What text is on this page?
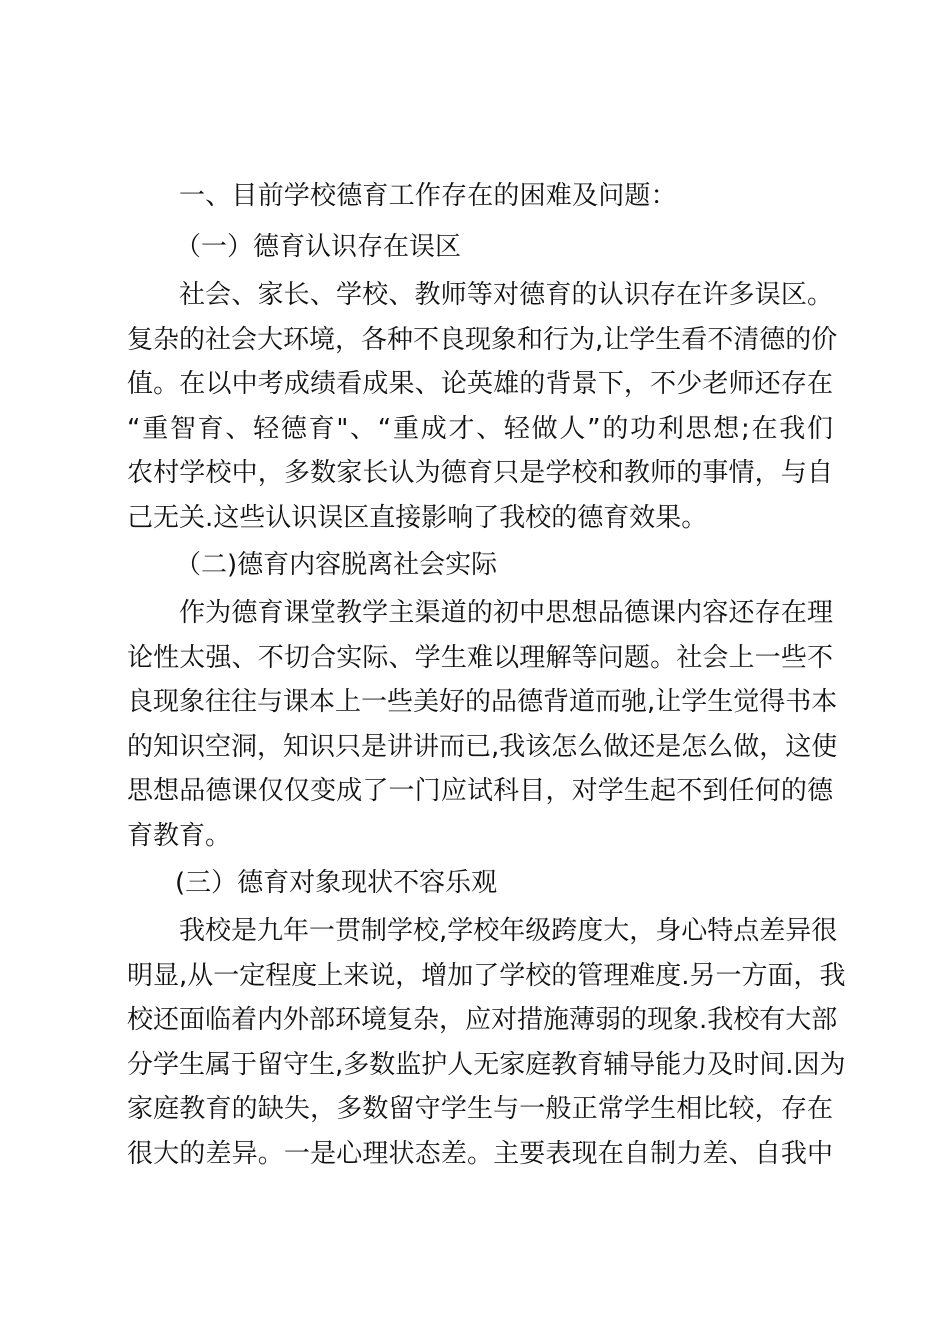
一、目前学校德育工作存在的困难及问题：
（一）德育认识存在误区
社会、家长、学校、教师等对德育的认识存在许多误区。
复杂的社会大环境，各种不良现象和行为,让学生看不清德的价
值。在以中考成绩看成果、论英雄的背景下，不少老师还存在
“重智育、轻德育"、“重成才、轻做人”的功利思想;在我们
农村学校中，多数家长认为德育只是学校和教师的事情，与自
己无关.这些认识误区直接影响了我校的德育效果。
（二)德育内容脱离社会实际
作为德育课堂教学主渠道的初中思想品德课内容还存在理
论性太强、不切合实际、学生难以理解等问题。社会上一些不
良现象往往与课本上一些美好的品德背道而驰,让学生觉得书本
的知识空洞，知识只是讲讲而已,我该怎么做还是怎么做，这使
思想品德课仅仅变成了一门应试科目，对学生起不到任何的德
育教育。
(三）德育对象现状不容乐观
我校是九年一贯制学校,学校年级跨度大，身心特点差异很
明显,从一定程度上来说，增加了学校的管理难度.另一方面，我
校还面临着内外部环境复杂，应对措施薄弱的现象.我校有大部
分学生属于留守生,多数监护人无家庭教育辅导能力及时间.因为
家庭教育的缺失，多数留守学生与一般正常学生相比较，存在
很大的差异。一是心理状态差。主要表现在自制力差、自我中
